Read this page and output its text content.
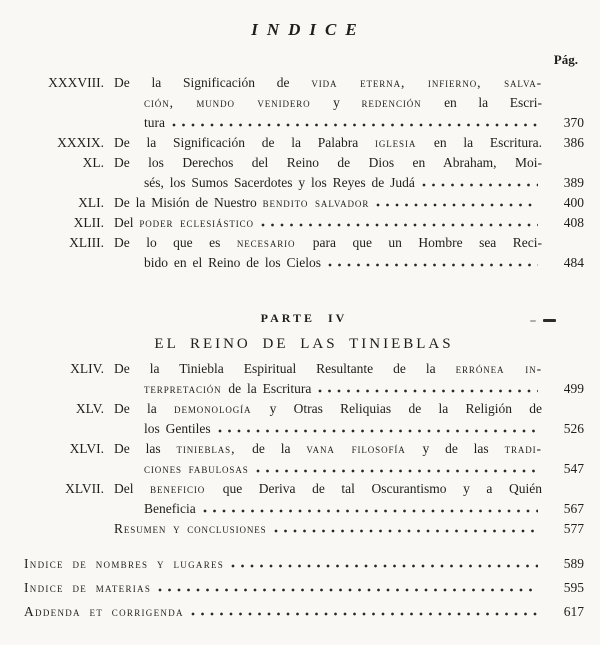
INDICE
Pág.
XXXVIII. De la Significación de vida eterna, infierno, salva-
ción, mundo venidero y redención en la Escri-
tura	370
XXXIX. De la Significación de la Palabra iglesia en la Escritura.	386
XL. De los Derechos del Reino de Dios en Abraham, Moi-
sés, los Sumos Sacerdotes y los Reyes de Judá	389
XLI. De la Misión de Nuestro bendito salvador	400
XLII. Del poder eclesiástico	408
XLIII. De lo que es necesario para que un Hombre sea Reci-
bido en el Reino de los Cielos	484
PARTE IV
EL REINO DE LAS TINIEBLAS
XLIV. De la Tiniebla Espiritual Resultante de la errónea in-
terpretación de la Escritura	499
XLV. De la demonología y Otras Reliquias de la Religión de
los Gentiles	526
XLVI. De las tinieblas, de la vana filosofía y de las tradi-
ciones fabulosas	547
XLVII. Del beneficio que Deriva de tal Oscurantismo y a Quién
Beneficia	567
Resumen y conclusiones	577
Indice de nombres y lugares	589
Indice de materias	595
Addenda et corrigenda	617
